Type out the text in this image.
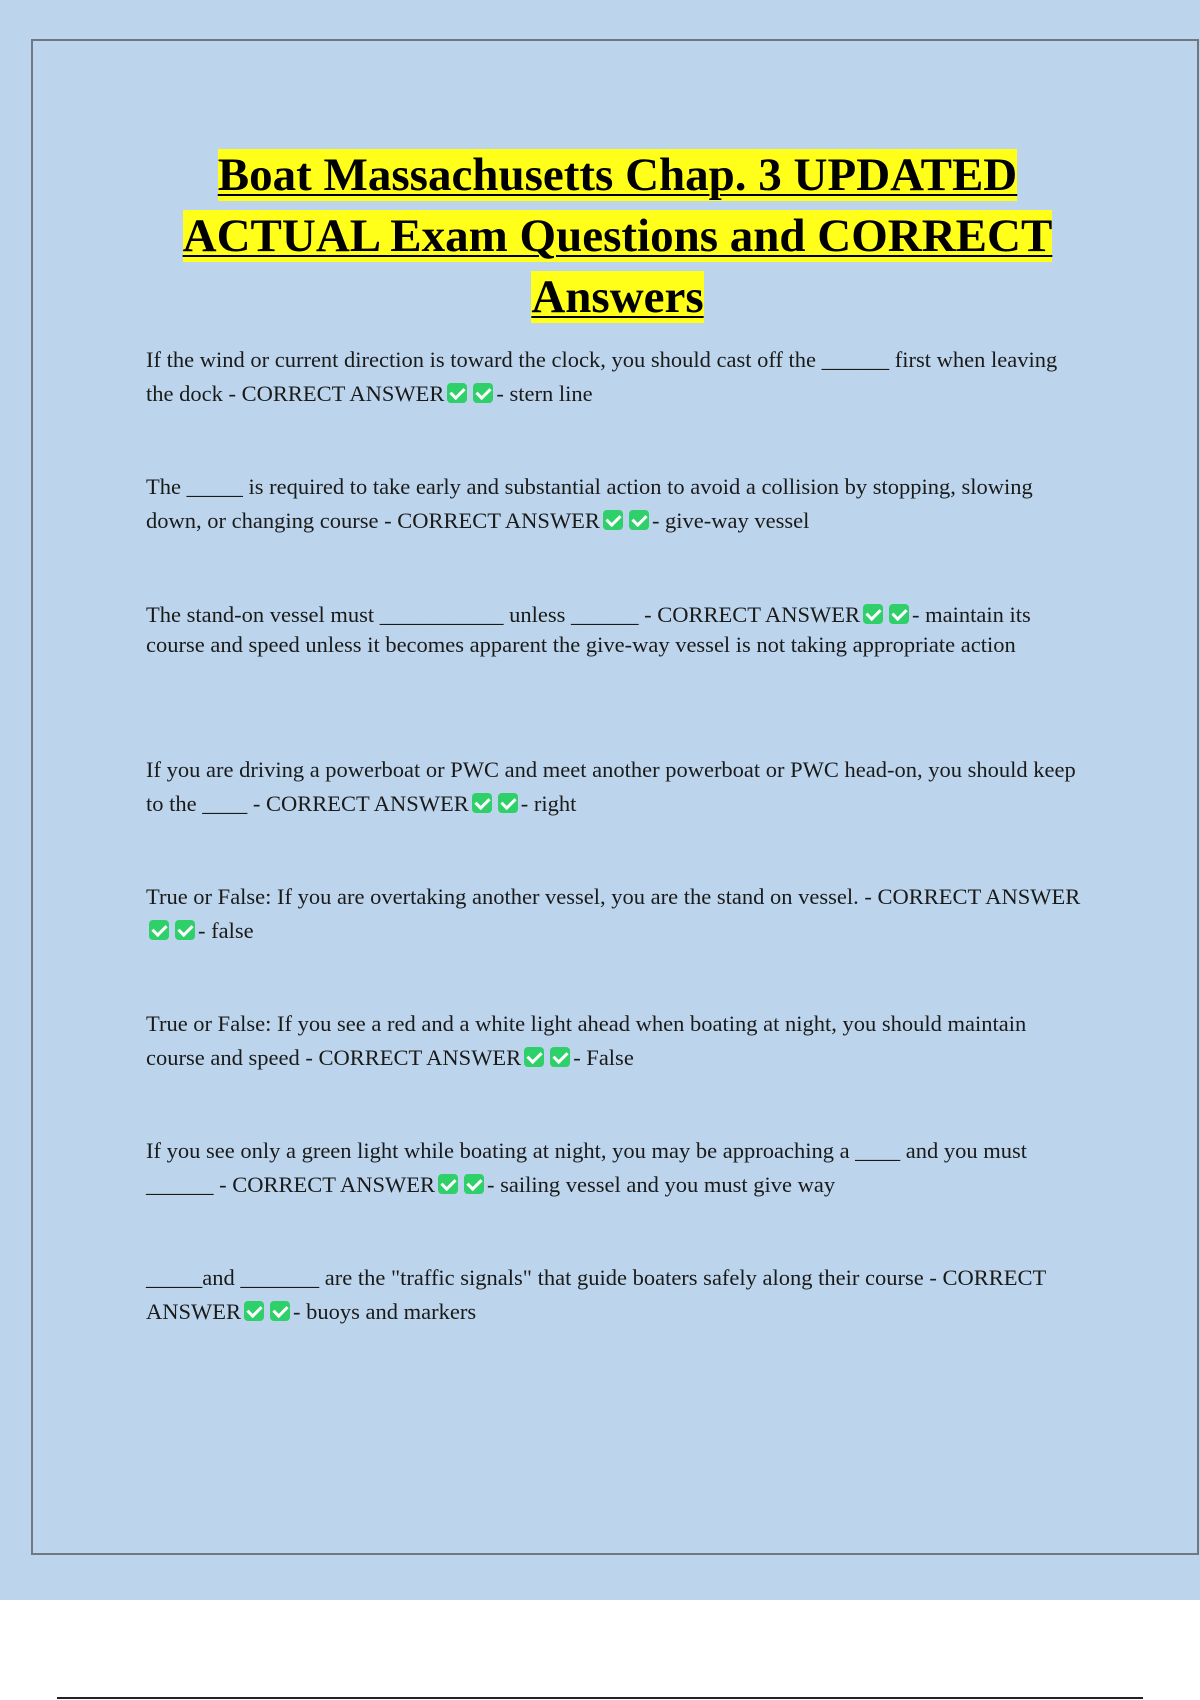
Boat Massachusetts Chap. 3 UPDATED ACTUAL Exam Questions and CORRECT Answers

If the wind or current direction is toward the clock, you should cast off the ______ first when leaving the dock - CORRECT ANSWER - stern line

The _____ is required to take early and substantial action to avoid a collision by stopping, slowing down, or changing course - CORRECT ANSWER - give-way vessel

The stand-on vessel must ___________ unless ______ - CORRECT ANSWER - maintain its course and speed unless it becomes apparent the give-way vessel is not taking appropriate action

If you are driving a powerboat or PWC and meet another powerboat or PWC head-on, you should keep to the ____ - CORRECT ANSWER - right

True or False: If you are overtaking another vessel, you are the stand on vessel. - CORRECT ANSWER- false

True or False: If you see a red and a white light ahead when boating at night, you should maintain course and speed - CORRECT ANSWER - False

If you see only a green light while boating at night, you may be approaching a ____ and you must ______ - CORRECT ANSWER - sailing vessel and you must give way

_____and _______ are the "traffic signals" that guide boaters safely along their course - CORRECT ANSWER - buoys and markers
